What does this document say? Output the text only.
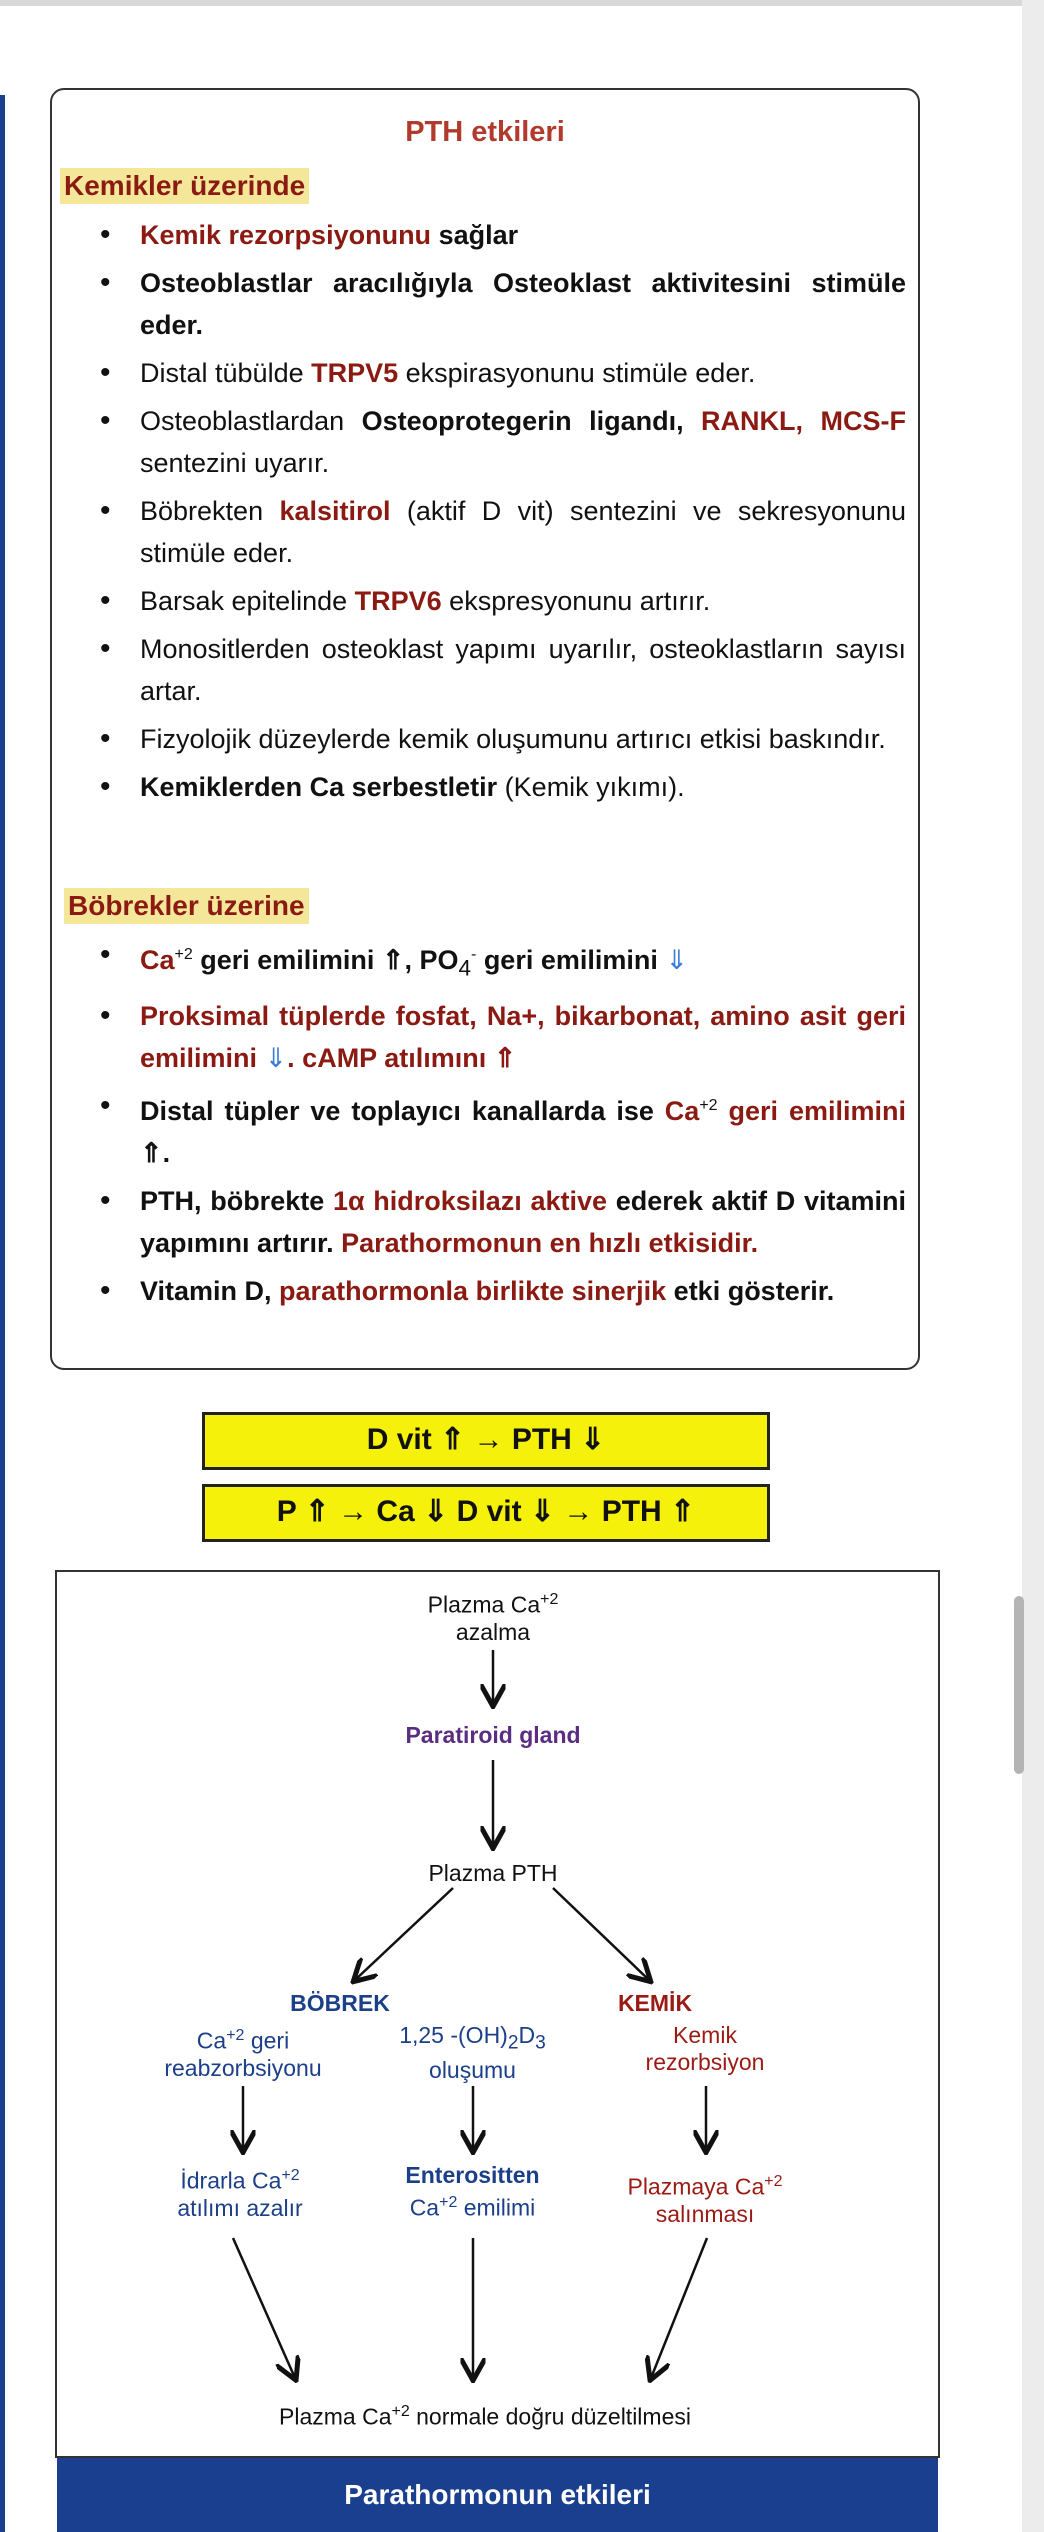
PTH etkileri
Kemikler üzerinde
• Kemik rezorpsiyonunu sağlar
• Osteoblastlar aracılığıyla Osteoklast aktivitesini stimüle eder.
• Distal tübülde TRPV5 ekspirasyonunu stimüle eder.
• Osteoblastlardan Osteoprotegerin ligandı, RANKL, MCS-F sentezini uyarır.
• Böbrekten kalsitirol (aktif D vit) sentezini ve sekresyonunu stimüle eder.
• Barsak epitelinde TRPV6 ekspresyonunu artırır.
• Monositlerden osteoklast yapımı uyarılır, osteoklastların sayısı artar.
• Fizyolojik düzeylerde kemik oluşumunu artırıcı etkisi baskındır.
• Kemiklerden Ca serbestletir (Kemik yıkımı).
Böbrekler üzerine
• $Ca^{+2}$ geri emilimini ⇑, $PO_4^-$ geri emilimini ⇓
• Proksimal tüplerde fosfat, Na+, bikarbonat, amino asit geri emilimini ⇓. cAMP atılımını ⇑
• Distal tüpler ve toplayıcı kanallarda ise $Ca^{+2}$ geri emilimini ⇑.
• PTH, böbrekte 1α hidroksilazı aktive ederek aktif D vitamini yapımını artırır. Parathormonun en hızlı etkisidir.
• Vitamin D, parathormonla birlikte sinerjik etki gösterir.
D vit ⇑ → PTH ⇓
P ⇑ → Ca ⇓ D vit ⇓ → PTH ⇑
Plazma $Ca^{+2}$
azalma
Paratiroid gland
Plazma PTH
BÖBREK	KEMİK
$Ca^{+2}$ geri
reabzorbsiyonu
1,25 $-(OH)_2D_3$
oluşumu
Kemik
rezorbsiyon
İdrarla $Ca^{+2}$
atılımı azalır
Enterositten
$Ca^{+2}$ emilimi
Plazmaya $Ca^{+2}$
salınması
Plazma $Ca^{+2}$ normale doğru düzeltilmesi
Parathormonun etkileri
